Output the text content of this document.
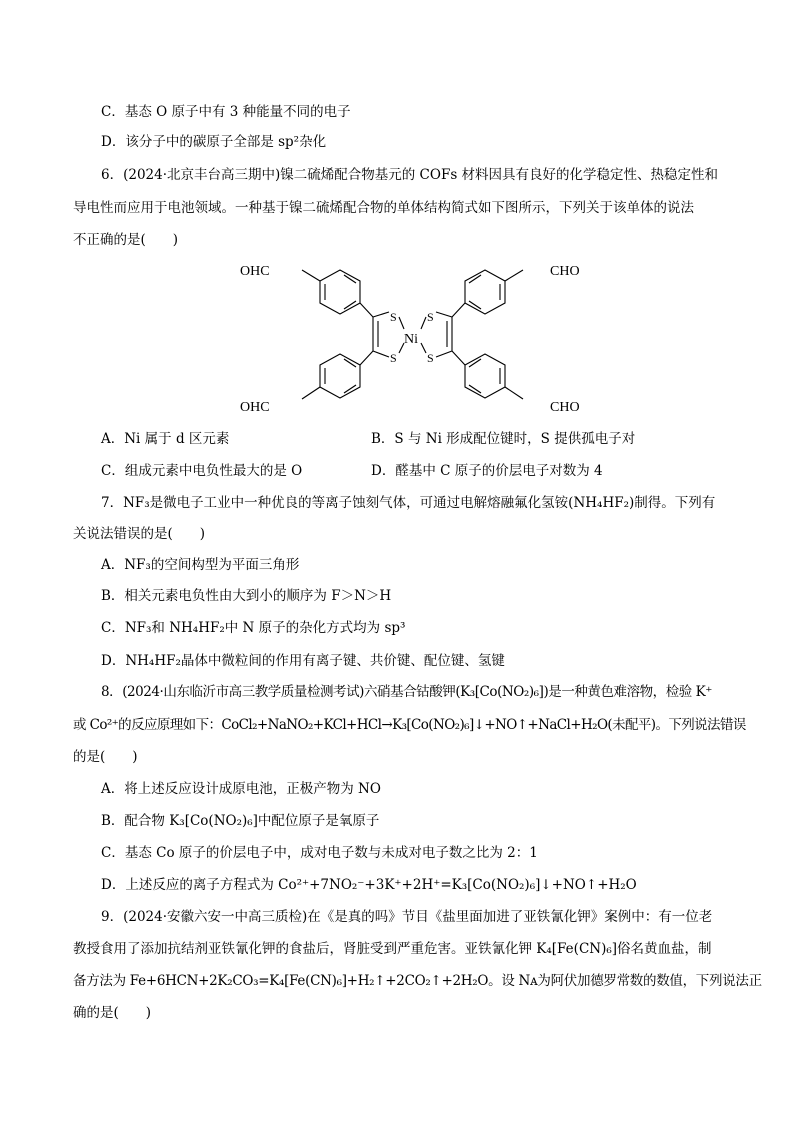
C．基态 O 原子中有 3 种能量不同的电子
D．该分子中的碳原子全部是 sp²杂化
6．(2024·北京丰台高三期中)镍二硫烯配合物基元的 COFs 材料因具有良好的化学稳定性、热稳定性和
导电性而应用于电池领域。一种基于镍二硫烯配合物的单体结构简式如下图所示，下列关于该单体的说法
不正确的是(　　)
OHC	CHO
OHC	CHO
S
S
S
S
Ni
A．Ni 属于 d 区元素	B．S 与 Ni 形成配位键时，S 提供孤电子对
C．组成元素中电负性最大的是 O	D．醛基中 C 原子的价层电子对数为 4
7．NF₃是微电子工业中一种优良的等离子蚀刻气体，可通过电解熔融氟化氢铵(NH₄HF₂)制得。下列有
关说法错误的是(　　)
A．NF₃的空间构型为平面三角形
B．相关元素电负性由大到小的顺序为 F＞N＞H
C．NF₃和 NH₄HF₂中 N 原子的杂化方式均为 sp³
D．NH₄HF₂晶体中微粒间的作用有离子键、共价键、配位键、氢键
8．(2024·山东临沂市高三教学质量检测考试)六硝基合钴酸钾(K₃[Co(NO₂)₆])是一种黄色难溶物，检验 K⁺
或 Co²⁺的反应原理如下：CoCl₂+NaNO₂+KCl+HCl→K₃[Co(NO₂)₆]↓+NO↑+NaCl+H₂O(未配平)。下列说法错误
的是(　　)
A．将上述反应设计成原电池，正极产物为 NO
B．配合物 K₃[Co(NO₂)₆]中配位原子是氧原子
C．基态 Co 原子的价层电子中，成对电子数与未成对电子数之比为 2：1
D．上述反应的离子方程式为 Co²⁺+7NO₂⁻+3K⁺+2H⁺=K₃[Co(NO₂)₆]↓+NO↑+H₂O
9．(2024·安徽六安一中高三质检)在《是真的吗》节目《盐里面加进了亚铁氰化钾》案例中：有一位老
教授食用了添加抗结剂亚铁氰化钾的食盐后，肾脏受到严重危害。亚铁氰化钾 K₄[Fe(CN)₆]俗名黄血盐，制
备方法为 Fe+6HCN+2K₂CO₃=K₄[Fe(CN)₆]+H₂↑+2CO₂↑+2H₂O。设 Nᴀ为阿伏加德罗常数的数值，下列说法正
确的是(　　)
